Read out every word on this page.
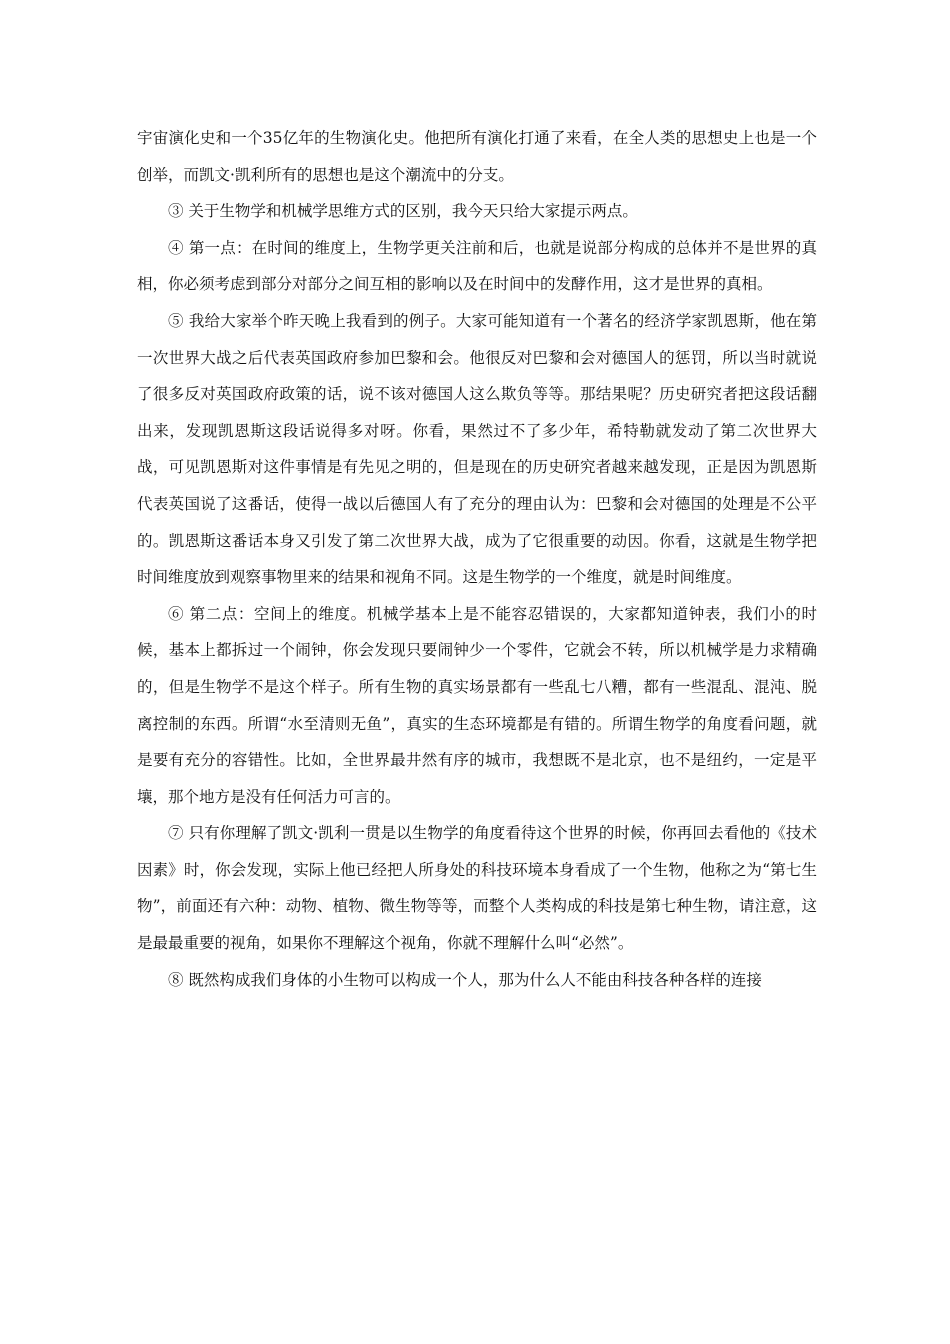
宇宙演化史和一个35亿年的生物演化史。他把所有演化打通了来看，在全人类的思想史上也是一个创举，而凯文·凯利所有的思想也是这个潮流中的分支。

③ 关于生物学和机械学思维方式的区别，我今天只给大家提示两点。

④ 第一点：在时间的维度上，生物学更关注前和后，也就是说部分构成的总体并不是世界的真相，你必须考虑到部分对部分之间互相的影响以及在时间中的发酵作用，这才是世界的真相。

⑤ 我给大家举个昨天晚上我看到的例子。大家可能知道有一个著名的经济学家凯恩斯，他在第一次世界大战之后代表英国政府参加巴黎和会。他很反对巴黎和会对德国人的惩罚，所以当时就说了很多反对英国政府政策的话，说不该对德国人这么欺负等等。那结果呢？历史研究者把这段话翻出来，发现凯恩斯这段话说得多对呀。你看，果然过不了多少年，希特勒就发动了第二次世界大战，可见凯恩斯对这件事情是有先见之明的，但是现在的历史研究者越来越发现，正是因为凯恩斯代表英国说了这番话，使得一战以后德国人有了充分的理由认为：巴黎和会对德国的处理是不公平的。凯恩斯这番话本身又引发了第二次世界大战，成为了它很重要的动因。你看，这就是生物学把时间维度放到观察事物里来的结果和视角不同。这是生物学的一个维度，就是时间维度。

⑥ 第二点：空间上的维度。机械学基本上是不能容忍错误的，大家都知道钟表，我们小的时候，基本上都拆过一个闹钟，你会发现只要闹钟少一个零件，它就会不转，所以机械学是力求精确的，但是生物学不是这个样子。所有生物的真实场景都有一些乱七八糟，都有一些混乱、混沌、脱离控制的东西。所谓“水至清则无鱼”，真实的生态环境都是有错的。所谓生物学的角度看问题，就是要有充分的容错性。比如，全世界最井然有序的城市，我想既不是北京，也不是纽约，一定是平壤，那个地方是没有任何活力可言的。

⑦ 只有你理解了凯文·凯利一贯是以生物学的角度看待这个世界的时候，你再回去看他的《技术因素》时，你会发现，实际上他已经把人所身处的科技环境本身看成了一个生物，他称之为“第七生物”，前面还有六种：动物、植物、微生物等等，而整个人类构成的科技是第七种生物，请注意，这是最最重要的视角，如果你不理解这个视角，你就不理解什么叫“必然”。

⑧ 既然构成我们身体的小生物可以构成一个人，那为什么人不能由科技各种各样的连接
